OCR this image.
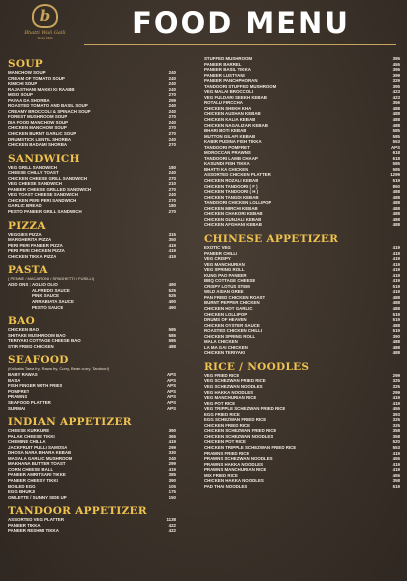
b
Bhatti Wali Galli
Since 1994	FOOD MENU
SOUP
MANCHOW SOUP	240
CREAM OF TOMATO SOUP	240
KIMCHI SOUP	240
RAJASTHANI MAKKI KI RAABB	240
MISO SOUP	270
PAYAA DA SHORBA	299
ROASTED TOMATO AND BASIL SOUP	240
CREAMY BROCCOLI & SPINACH SOUP	240
FOREST MUSHROOM SOUP	270
DIA FOOD MANCHOW SOUP	240
CHICKEN MANCHOW SOUP	270
CHICKEN BURNT GARLIC SOUP	270
DRUMSTICK LENTIL SHORBA	240
CHICKEN BADAMI SHORBA	270
SANDWICH
VEG GRILL SANDWICH	180
CHEESE CHILLY TOAST	240
CHICKEN CHEESE GRILL SANDWICH	270
VEG CHEESE SANDWICH	210
PANEER CHEESE GRILLED SANDWICH	270
VEG TOAST CHEESE SANDWICH	240
CHICKEN PERI PERI SANDWICH	270
GARLIC BREAD	180
PESTO PANEER GRILL SANDWICH	270
PIZZA
VEGGIES PIZZA	315
MARGHERITA PIZZA	350
PERI PERI PANEER PIZZA	419
PERI PERI CHICKEN PIZZA	419
CHICKEN TIKKA PIZZA	419
PASTA
( PENNE / MACARONI / SPAGHETTI / FUSILLI)
ADD ONS : AGLIO OLIO	490
ALFREDO SAUCE	525
PINK SAUCE	525
ARRABIATA SAUCE	490
PESTO SAUCE	490
BAO
CHICKEN BAO	585
SHITAKE MUSHROOM BAO	585
TERIYAKI COTTAGE CHEESE BAO	585
STIR FRIED CHICKEN	488
SEAFOOD
(Kolkatta Tawa fry, Rawa fry, Curry, Bean curry, Tandoori)
BABY RAWAS	APS
BASA	APS
FISH FINGER WITH FRIES	APS
POMFRET	APS
PRAWNS	APS
SEAFOOD PLATTER	APS
SURMAI	APS
INDIAN APPETIZER
CHEESE KURKURE	390
PALAK CHEESE TIKKI	365
CHEMINE CHILLA	419
JACKFRUIT PULLI SAMOSA	299
DHOSA NARA BHARA KEBAB	330
MASALA GARLIC MUSHROOM	240
MAKHANA BUTTER TOAST	299
CORN CHEESE BALL	419
PANEER AMRITSARI TIKKE	385
PANEER CHEESY TIKKI	390
BOILED EGG	105
EGG BHURJI	175
OMLETTE / SUNNY SIDE UP	150
TANDOOR APPETIZER
ASSORTED VEG PLATTER	1138
PANEER TIKKA	422
PANEER RESHMI TIKKA	422
STUFFED MUSHROOM	395
PANEER BARREL	455
PANEER BASIL TIKKA	395
PANEER LUSTYANI	399
PANEER PANCHPHORAN	329
TANDOORI STUFFED MUSHROOM	395
VEG MALAI BROCCOLI	423
VEG FULDARI SEEKH KEBAB	423
ROTALU FIRCCHA	356
CHICKEN SHEKH KHA	488
CHICKEN AUSHAN KEBAB	488
CHICKEN KALIA KEBAB	488
CHICKEN NAGALIZAR KEBAB	488
BHARI BOTI KEBAB	585
MUTTON GILAFI KEBAB	585
KABIR PUDINA FISH TIKKA	553
TANDOORI POMFRET	APS
MOROCCAN PRAWNS	618
TANDOORI LAMB CHAAP	618
KASUNDI FISH TIKKA	585
BHATTI KA CHICKEN	585
ASSORTED CHICKEN PLATTER	1299
CHICKEN ROZALI KEBAB	519
CHICKEN TANDOORI ( F )	850
CHICKEN TANDOORI ( H )	488
CHICKEN TANGDI KEBAB	488
TANDOORI CHICKEN LOLLIPOP	488
CHICKEN MIRCHI KEBAB	488
CHICKEN CHAKORI KEBAB	488
CHICKEN GUNJALI KEBAB	488
CHICKEN AFGHANI KEBAB	488
CHINESE APPETIZER
EXOTIC VEG	419
PANEER CHILLI	419
VEG CRISPY	419
VEG MANCHURIAN	419
VEG SPRING ROLL	419
KUNG PAO PANEER	419
BBQ COTTAGE CHEESE	419
CRISPY LOTUS STEM	519
WILD ASIAN GREE	419
PAN FRIED CHICKEN ROAST	488
BURNT PEPPER CHICKEN	488
CHICKEN HOT GARLIC	488
CHICKEN LOLLIPOP	519
DRUMS OF HEAVEN	519
CHICKEN OYSTER SAUCE	488
ROASTED CHICKEN CHILLI	519
CHICKEN SPRING ROLL	390
MALA CHICKEN	488
LA MA GAI CHICKEN	488
CHICKEN TERIYAKI	488
RICE / NOODLES
VEG FRIED RICE	299
VEG SCHEZWAN FRIED RICE	325
VEG SCHEZWAN NOODLES	325
VEG HAKKA NOODLES	299
VEG MANCHURIAN RICE	419
VEG POT RICE	419
VEG TRIPPLE SCHEZWAN FRIED RICE	455
EGG FRIED RICE	393
EGG SCHEZWAN FRIED RICE	325
CHICKEN FRIED RICE	325
CHICKEN SCHEZWAN FRIED RICE	358
CHICKEN SCHEZWAN NOODLES	358
CHICKEN POT RICE	520
CHICKEN TRIPPLE SCHEZWAN FRIED RICE	553
PRAWNS FRIED RICE	419
PRAWNS SCHEZWAN NOODLES	455
PRAWNS HAKKA NOODLES	419
PRAWNS MANCHURIAN RICE	419
MIX FRIED RICE	455
CHICKEN HAKKA NOODLES	358
PAD THAI NOODLES	519
